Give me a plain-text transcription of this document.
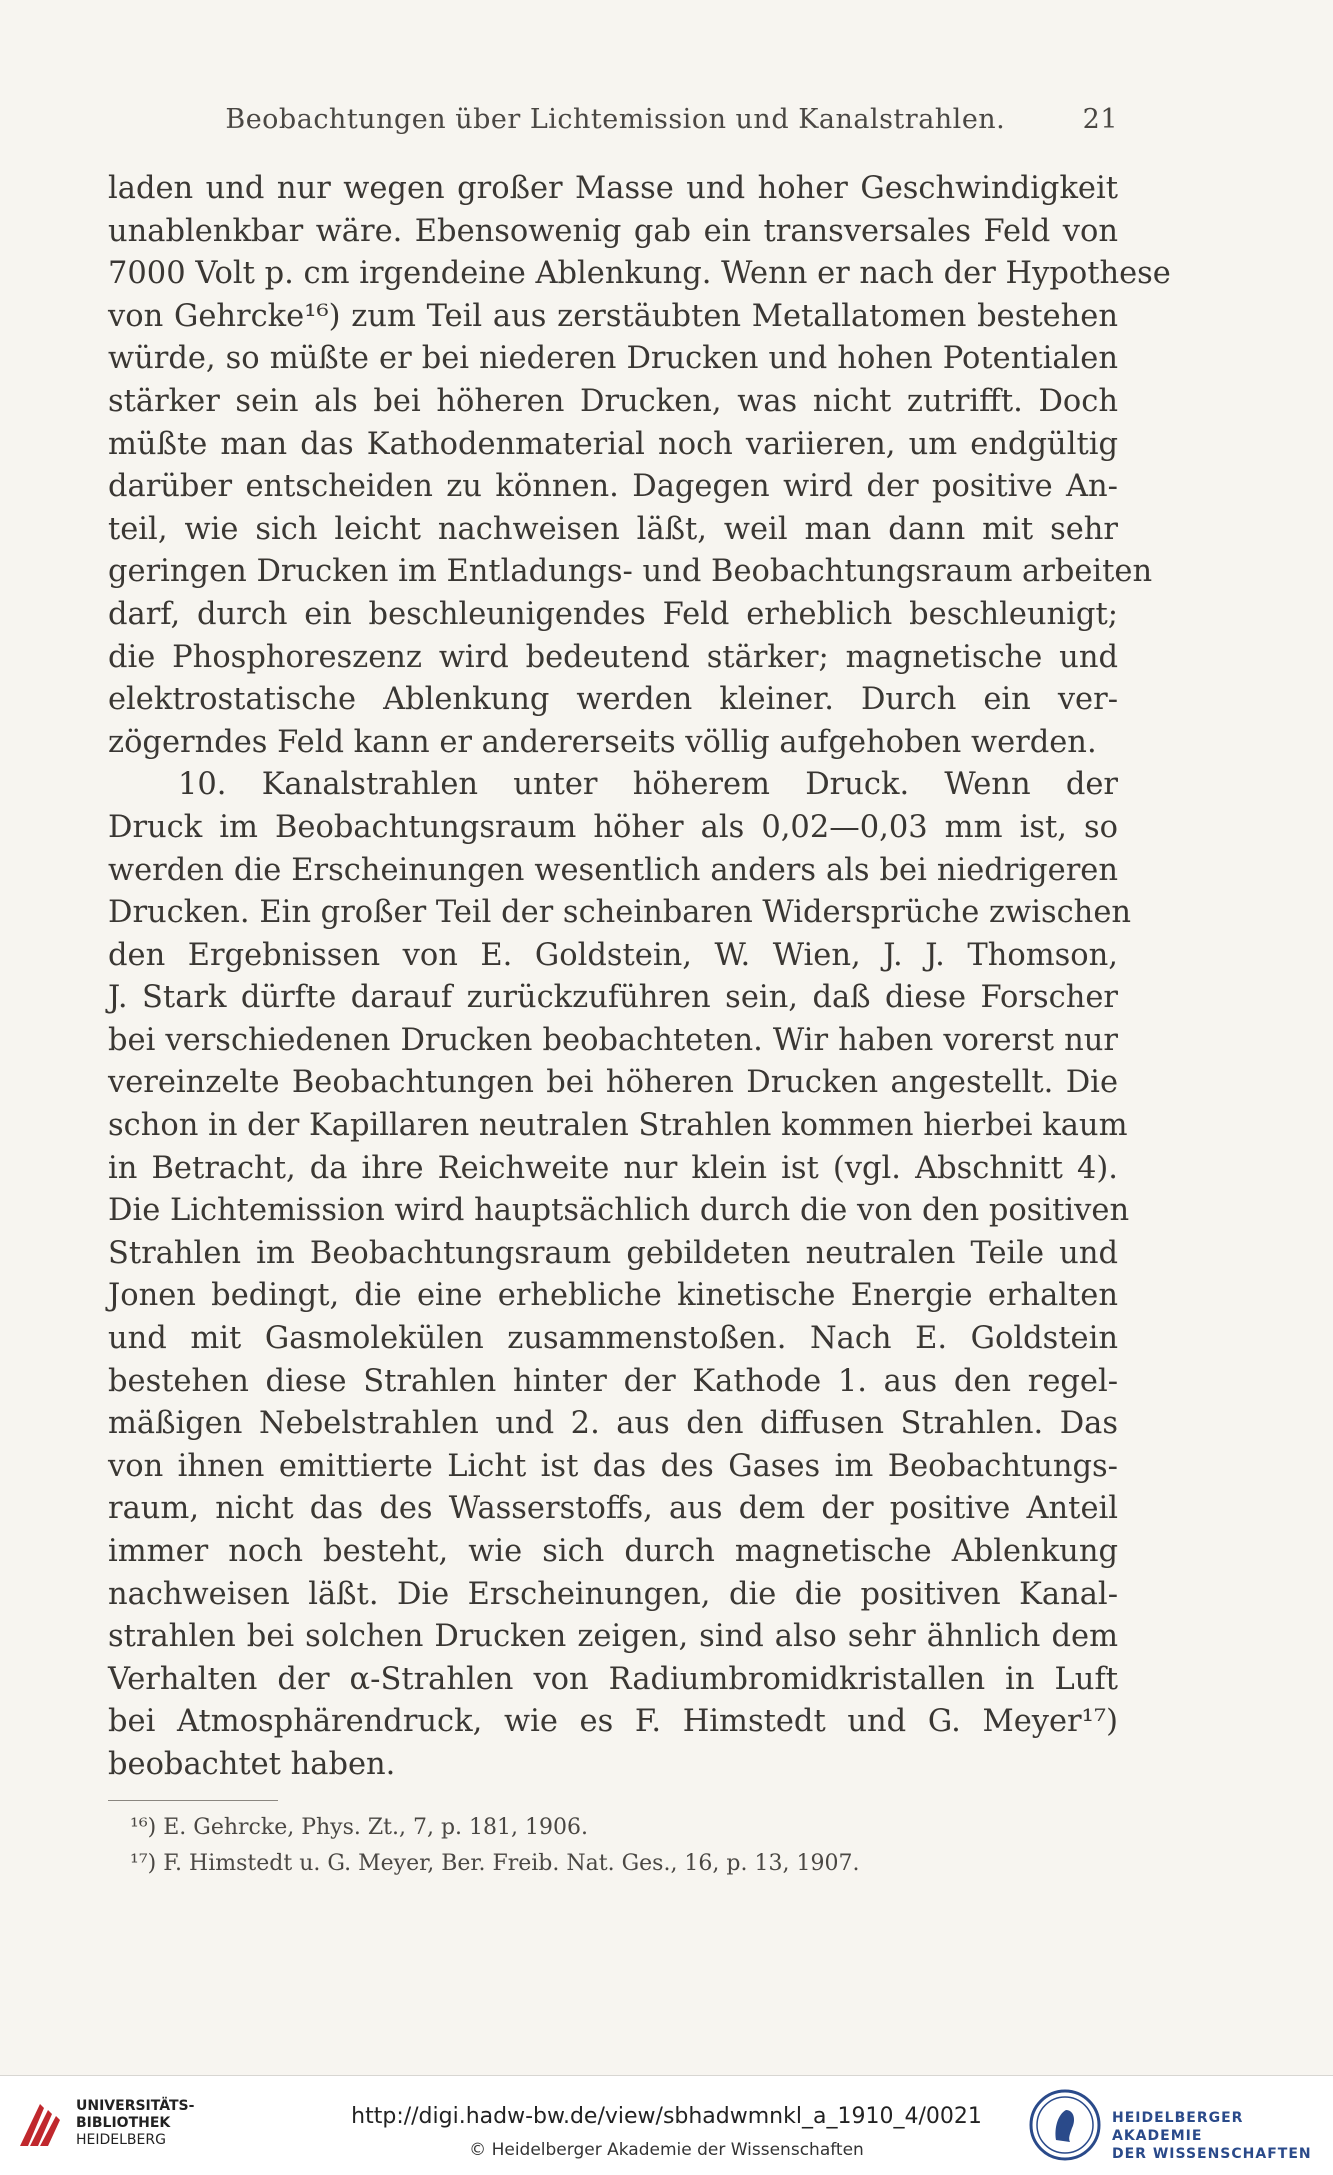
Beobachtungen über Lichtemission und Kanalstrahlen.	21
laden und nur wegen großer Masse und hoher Geschwindigkeit
unablenkbar wäre. Ebensowenig gab ein transversales Feld von
7000 Volt p. cm irgendeine Ablenkung. Wenn er nach der Hypothese
von Gehrcke¹⁶) zum Teil aus zerstäubten Metallatomen bestehen
würde, so müßte er bei niederen Drucken und hohen Potentialen
stärker sein als bei höheren Drucken, was nicht zutrifft. Doch
müßte man das Kathodenmaterial noch variieren, um endgültig
darüber entscheiden zu können. Dagegen wird der positive An-
teil, wie sich leicht nachweisen läßt, weil man dann mit sehr
geringen Drucken im Entladungs- und Beobachtungsraum arbeiten
darf, durch ein beschleunigendes Feld erheblich beschleunigt;
die Phosphoreszenz wird bedeutend stärker; magnetische und
elektrostatische Ablenkung werden kleiner. Durch ein ver-
zögerndes Feld kann er andererseits völlig aufgehoben werden.
10. Kanalstrahlen unter höherem Druck. Wenn der
Druck im Beobachtungsraum höher als 0,02—0,03 mm ist, so
werden die Erscheinungen wesentlich anders als bei niedrigeren
Drucken. Ein großer Teil der scheinbaren Widersprüche zwischen
den Ergebnissen von E. Goldstein, W. Wien, J. J. Thomson,
J. Stark dürfte darauf zurückzuführen sein, daß diese Forscher
bei verschiedenen Drucken beobachteten. Wir haben vorerst nur
vereinzelte Beobachtungen bei höheren Drucken angestellt. Die
schon in der Kapillaren neutralen Strahlen kommen hierbei kaum
in Betracht, da ihre Reichweite nur klein ist (vgl. Abschnitt 4).
Die Lichtemission wird hauptsächlich durch die von den positiven
Strahlen im Beobachtungsraum gebildeten neutralen Teile und
Jonen bedingt, die eine erhebliche kinetische Energie erhalten
und mit Gasmolekülen zusammenstoßen. Nach E. Goldstein
bestehen diese Strahlen hinter der Kathode 1. aus den regel-
mäßigen Nebelstrahlen und 2. aus den diffusen Strahlen. Das
von ihnen emittierte Licht ist das des Gases im Beobachtungs-
raum, nicht das des Wasserstoffs, aus dem der positive Anteil
immer noch besteht, wie sich durch magnetische Ablenkung
nachweisen läßt. Die Erscheinungen, die die positiven Kanal-
strahlen bei solchen Drucken zeigen, sind also sehr ähnlich dem
Verhalten der α-Strahlen von Radiumbromidkristallen in Luft
bei Atmosphärendruck, wie es F. Himstedt und G. Meyer¹⁷)
beobachtet haben.
¹⁶) E. Gehrcke, Phys. Zt., 7, p. 181, 1906.
¹⁷) F. Himstedt u. G. Meyer, Ber. Freib. Nat. Ges., 16, p. 13, 1907.
UNIVERSITÄTS-
BIBLIOTHEK
HEIDELBERG
http://digi.hadw-bw.de/view/sbhadwmnkl_a_1910_4/0021
© Heidelberger Akademie der Wissenschaften
HEIDELBERGER AKADEMIE
DER WISSENSCHAFTEN
